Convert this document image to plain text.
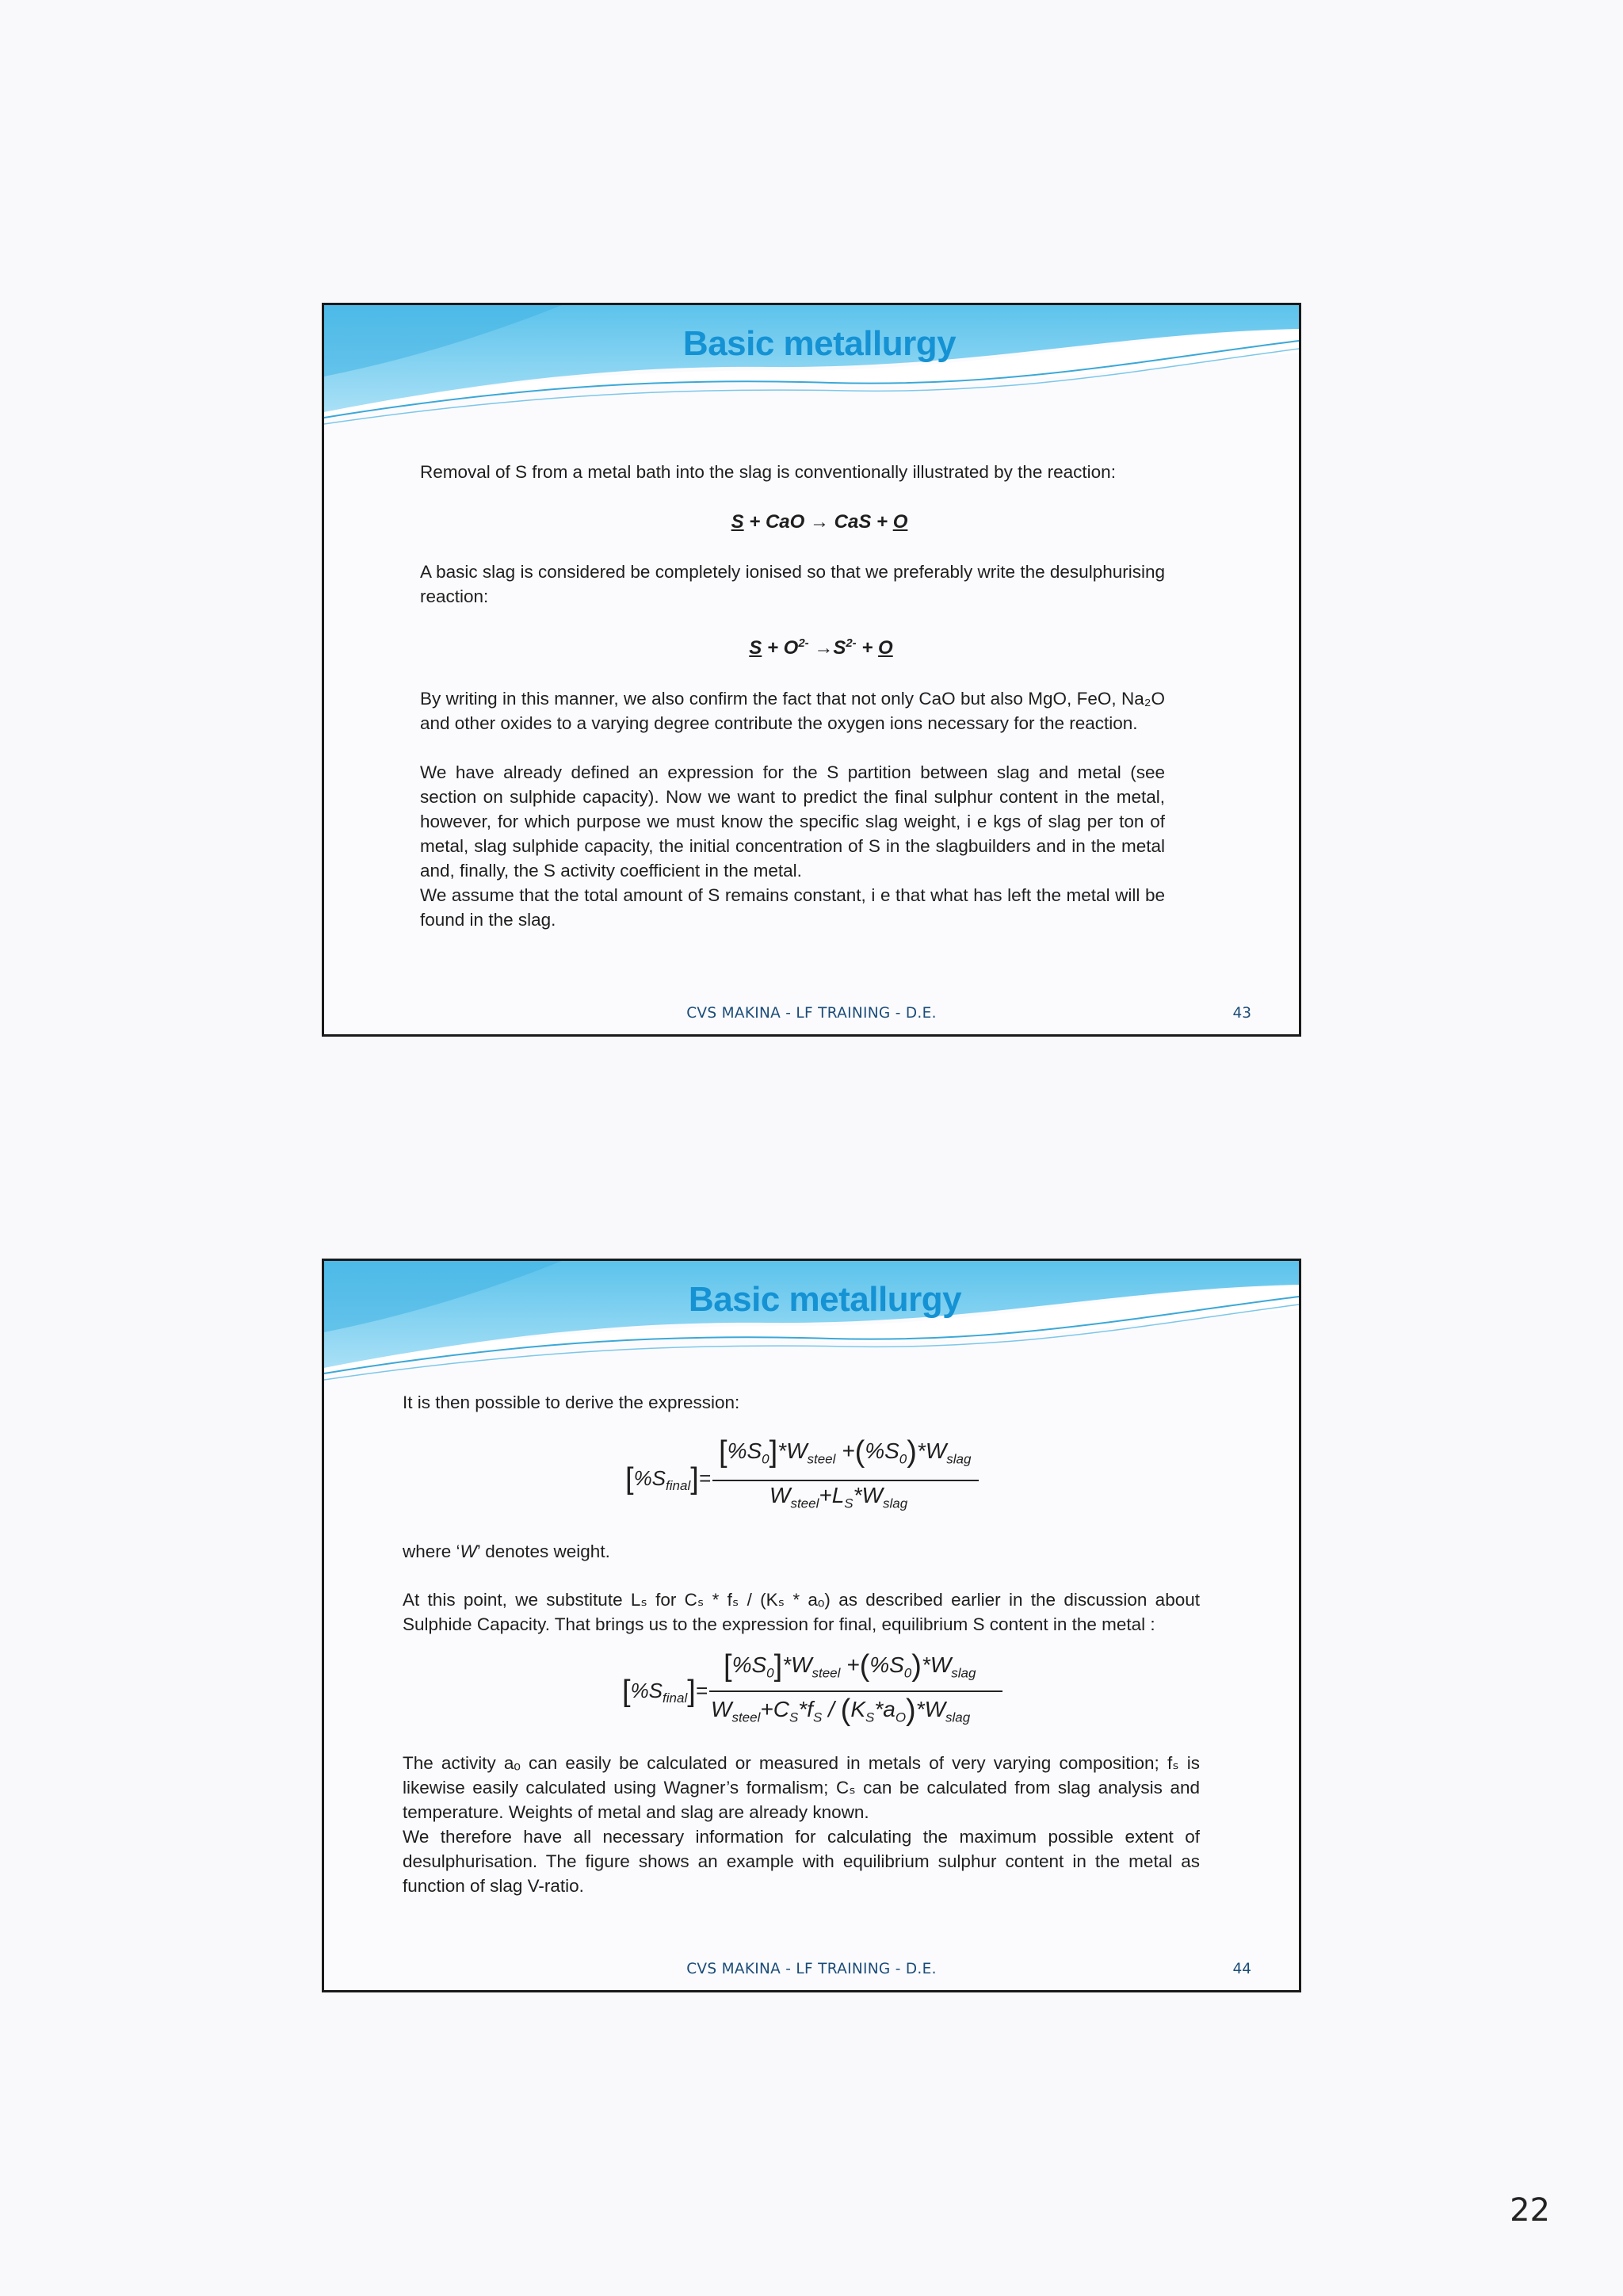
Basic metallurgy

Removal of S from a metal bath into the slag is conventionally illustrated by the reaction:

S + CaO → CaS + O

A basic slag is considered be completely ionised so that we preferably write the desulphurising reaction:

$S + O^{2-} \to S^{2-} + O$

By writing in this manner, we also confirm the fact that not only CaO but also MgO, FeO, Na₂O and other oxides to a varying degree contribute the oxygen ions necessary for the reaction.

We have already defined an expression for the S partition between slag and metal (see section on sulphide capacity). Now we want to predict the final sulphur content in the metal, however, for which purpose we must know the specific slag weight, i e kgs of slag per ton of metal, slag sulphide capacity, the initial concentration of S in the slagbuilders and in the metal and, finally, the S activity coefficient in the metal.

We assume that the total amount of S remains constant, i e that what has left the metal will be found in the slag.

CVS MAKINA - LF TRAINING - D.E.	43
Basic metallurgy

It is then possible to derive the expression:

$[\%S_{final}]=$
$[\%S_0]*W_{steel} +(\%S_0)*W_{slag}$
$W_{steel}+L_S*W_{slag}$

where ‘W’ denotes weight.

At this point, we substitute Lₛ for Cₛ * fₛ / (Kₛ * aₒ) as described earlier in the discussion about Sulphide Capacity. That brings us to the expression for final, equilibrium S content in the metal :

$[\%S_{final}]=$
$[\%S_0]*W_{steel} +(\%S_0)*W_{slag}$
$W_{steel}+C_S*f_S / (K_S*a_O)*W_{slag}$

The activity aₒ can easily be calculated or measured in metals of very varying composition; fₛ is likewise easily calculated using Wagner’s formalism; Cₛ can be calculated from slag analysis and temperature. Weights of metal and slag are already known.

We therefore have all necessary information for calculating the maximum possible extent of desulphurisation. The figure shows an example with equilibrium sulphur content in the metal as function of slag V-ratio.

CVS MAKINA - LF TRAINING - D.E.	44
22
